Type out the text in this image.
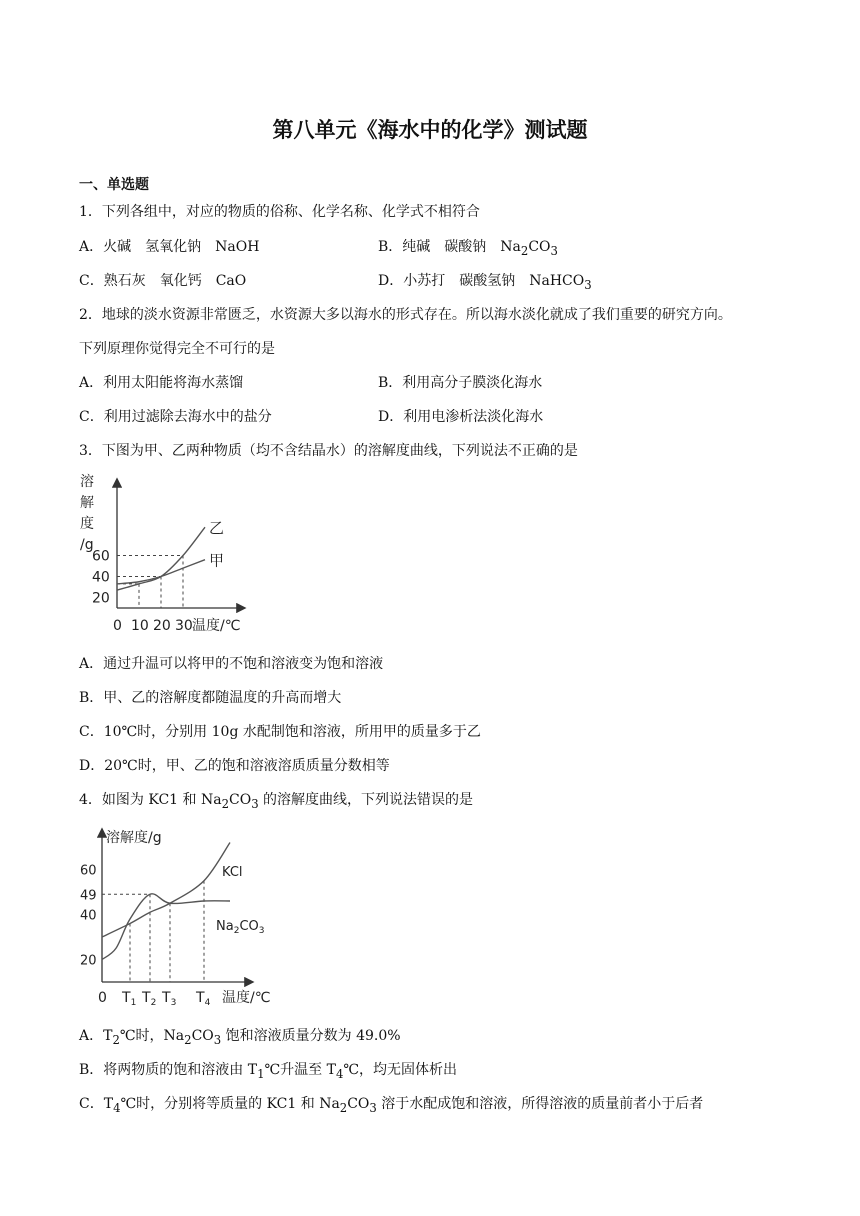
第八单元《海水中的化学》测试题
一、单选题
1．下列各组中，对应的物质的俗称、化学名称、化学式不相符合
A．火碱 氢氧化钠 NaOH	B．纯碱 碳酸钠 $Na_2CO_3$
C．熟石灰 氧化钙 CaO	D．小苏打 碳酸氢钠 NaHCO$_3$
2．地球的淡水资源非常匮乏，水资源大多以海水的形式存在。所以海水淡化就成了我们重要的研究方向。
下列原理你觉得完全不可行的是
A．利用太阳能将海水蒸馏	B．利用高分子膜淡化海水
C．利用过滤除去海水中的盐分	D．利用电渗析法淡化海水
3．下图为甲、乙两种物质（均不含结晶水）的溶解度曲线，下列说法不正确的是
溶
解
度
/g
0 10 20 30
20
40
60
乙
甲
温度/℃
A．通过升温可以将甲的不饱和溶液变为饱和溶液
B．甲、乙的溶解度都随温度的升高而增大
C．10℃时，分别用 10g 水配制饱和溶液，所用甲的质量多于乙
D．20℃时，甲、乙的饱和溶液溶质质量分数相等
4．如图为 KC1 和 $Na_2CO_3$ 的溶解度曲线，下列说法错误的是
溶解度/g
0 $T_1$ $T_2$ $T_3$ $T_4$
20
40
49
60	KCl
$Na_2CO_3$
温度/℃
A．$T_2℃$时，$Na_2CO_3$ 饱和溶液质量分数为 49.0%
B．将两物质的饱和溶液由 $T_1℃$升温至 $T_4℃$，均无固体析出
C．$T_4℃$时，分别将等质量的 KC1 和 $Na_2CO_3$ 溶于水配成饱和溶液，所得溶液的质量前者小于后者
